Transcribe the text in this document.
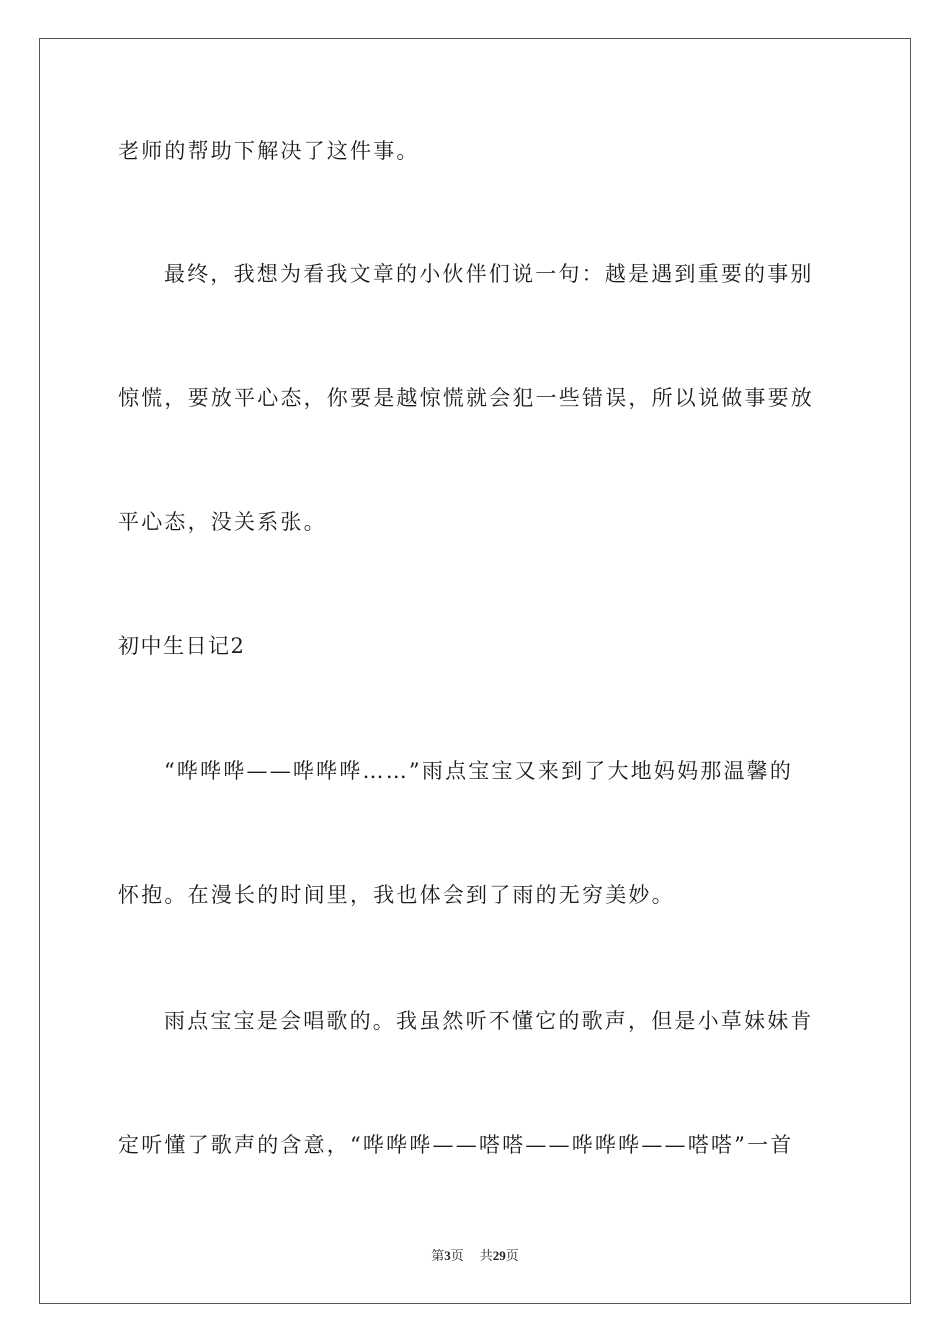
老师的帮助下解决了这件事。
最终，我想为看我文章的小伙伴们说一句：越是遇到重要的事别
惊慌，要放平心态，你要是越惊慌就会犯一些错误，所以说做事要放
平心态，没关系张。
初中生日记2
“哗哗哗——哗哗哗……”雨点宝宝又来到了大地妈妈那温馨的
怀抱。在漫长的时间里，我也体会到了雨的无穷美妙。
雨点宝宝是会唱歌的。我虽然听不懂它的歌声，但是小草妹妹肯
定听懂了歌声的含意，“哗哗哗——嗒嗒——哗哗哗——嗒嗒”一首
第3页 共29页
